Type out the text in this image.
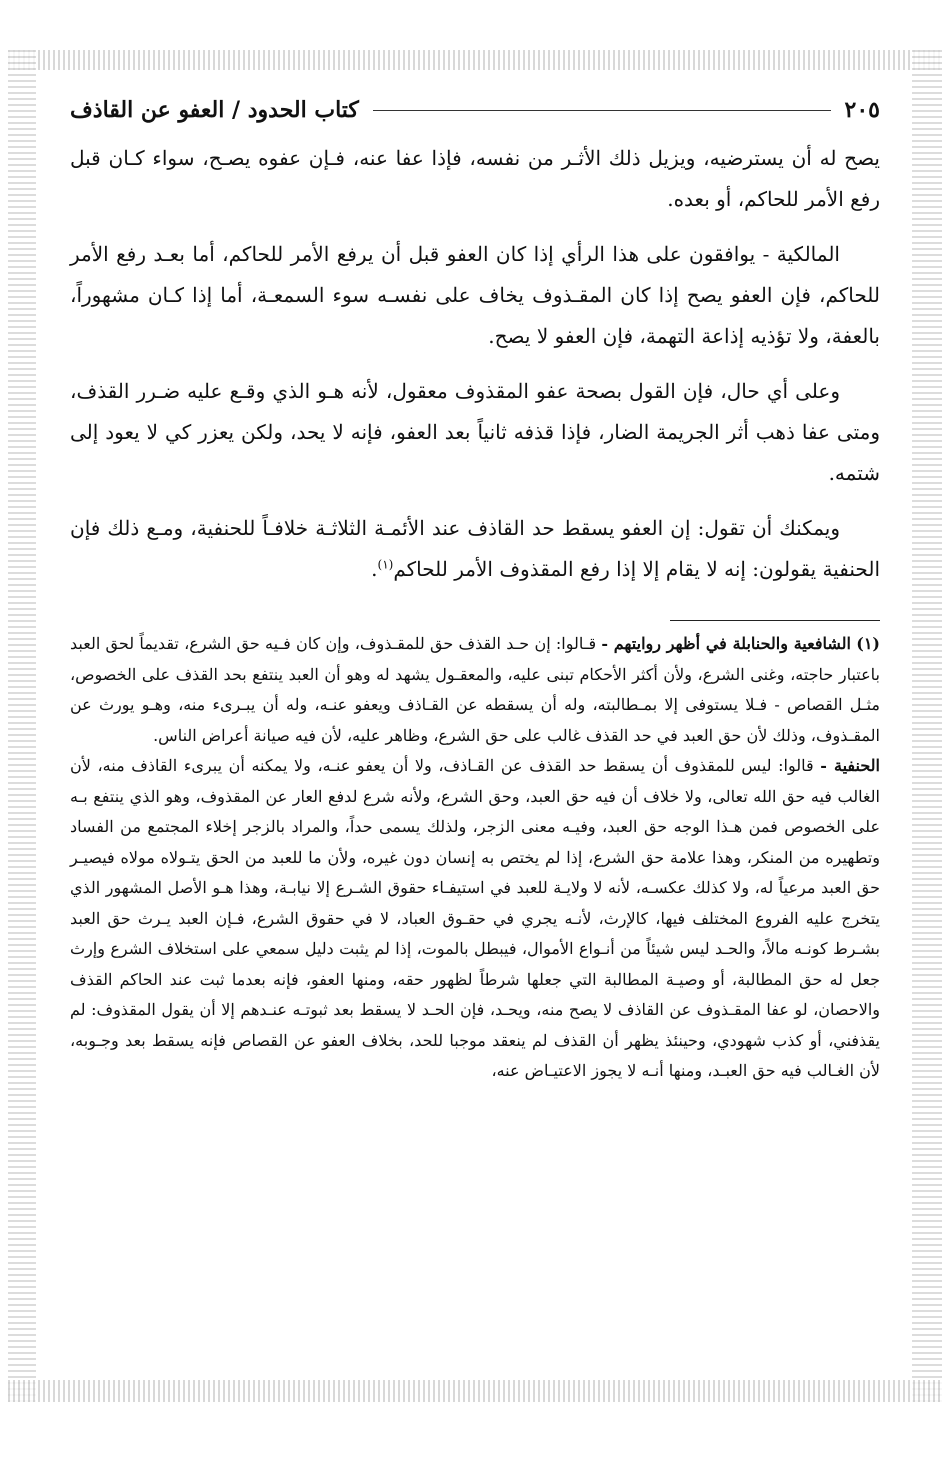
كتاب الحدود / العفو عن القاذف	٢٠٥

يصح له أن يسترضيه، ويزيل ذلك الأثـر من نفسه، فإذا عفا عنه، فـإن عفوه يصـح، سواء كـان قبل رفع الأمر للحاكم، أو بعده.

المالكية - يوافقون على هذا الرأي إذا كان العفو قبل أن يرفع الأمر للحاكم، أما بعـد رفع الأمر للحاكم، فإن العفو يصح إذا كان المقـذوف يخاف على نفسـه سوء السمعـة، أما إذا كـان مشهوراً، بالعفة، ولا تؤذيه إذاعة التهمة، فإن العفو لا يصح.

وعلى أي حال، فإن القول بصحة عفو المقذوف معقول، لأنه هـو الذي وقـع عليه ضـرر القذف، ومتى عفا ذهب أثر الجريمة الضار، فإذا قذفه ثانياً بعد العفو، فإنه لا يحد، ولكن يعزر كي لا يعود إلى شتمه.

ويمكنك أن تقول: إن العفو يسقط حد القاذف عند الأئمـة الثلاثـة خلافـاً للحنفية، ومـع ذلك فإن الحنفية يقولون: إنه لا يقام إلا إذا رفع المقذوف الأمر للحاكم$^{(١)}$.

(١) الشافعية والحنابلة في أظهر روايتهم - قـالوا: إن حـد القذف حق للمقـذوف، وإن كان فـيه حق الشرع، تقديماً لحق العبد باعتبار حاجته، وغنى الشرع، ولأن أكثر الأحكام تبنى عليه، والمعقـول يشهد له وهو أن العبد ينتفع بحد القذف على الخصوص، مثـل القصاص - فـلا يستوفى إلا بمـطالبته، وله أن يسقطه عن القـاذف ويعفو عنـه، وله أن يبـرىء منه، وهـو يورث عن المقـذوف، وذلك لأن حق العبد في حد القذف غالب على حق الشرع، وظاهر عليه، لأن فيه صيانة أعراض الناس.

الحنفية - قالوا: ليس للمقذوف أن يسقط حد القذف عن القـاذف، ولا أن يعفو عنـه، ولا يمكنه أن يبرىء القاذف منه، لأن الغالب فيه حق الله تعالى، ولا خلاف أن فيه حق العبد، وحق الشرع، ولأنه شرع لدفع العار عن المقذوف، وهو الذي ينتفع بـه على الخصوص فمن هـذا الوجه حق العبد، وفيـه معنى الزجر، ولذلك يسمى حداً، والمراد بالزجر إخلاء المجتمع من الفساد وتطهيره من المنكر، وهذا علامة حق الشرع، إذا لم يختص به إنسان دون غيره، ولأن ما للعبد من الحق يتـولاه مولاه فيصيـر حق العبد مرعياً له، ولا كذلك عكسـه، لأنه لا ولايـة للعبد في استيفـاء حقوق الشـرع إلا نيابـة، وهذا هـو الأصل المشهور الذي يتخرج عليه الفروع المختلف فيها، كالإرث، لأنـه يجري في حقـوق العباد، لا في حقوق الشرع، فـإن العبد يـرث حق العبد بشـرط كونـه مالاً، والحـد ليس شيئاً من أنـواع الأموال، فيبطل بالموت، إذا لم يثبت دليل سمعي على استخلاف الشرع وإرث جعل له حق المطالبة، أو وصيـة المطالبة التي جعلها شرطاً لظهور حقه، ومنها العفو، فإنه بعدما ثبت عند الحاكم القذف والاحصان، لو عفا المقـذوف عن القاذف لا يصح منه، ويحـد، فإن الحـد لا يسقط بعد ثبوتـه عنـدهم إلا أن يقول المقذوف: لم يقذفني، أو كذب شهودي، وحينئذ يظهر أن القذف لم ينعقد موجبا للحد، بخلاف العفو عن القصاص فإنه يسقط بعد وجـوبه، لأن الغـالب فيه حق العبـد، ومنها أنـه لا يجوز الاعتيـاض عنه،
